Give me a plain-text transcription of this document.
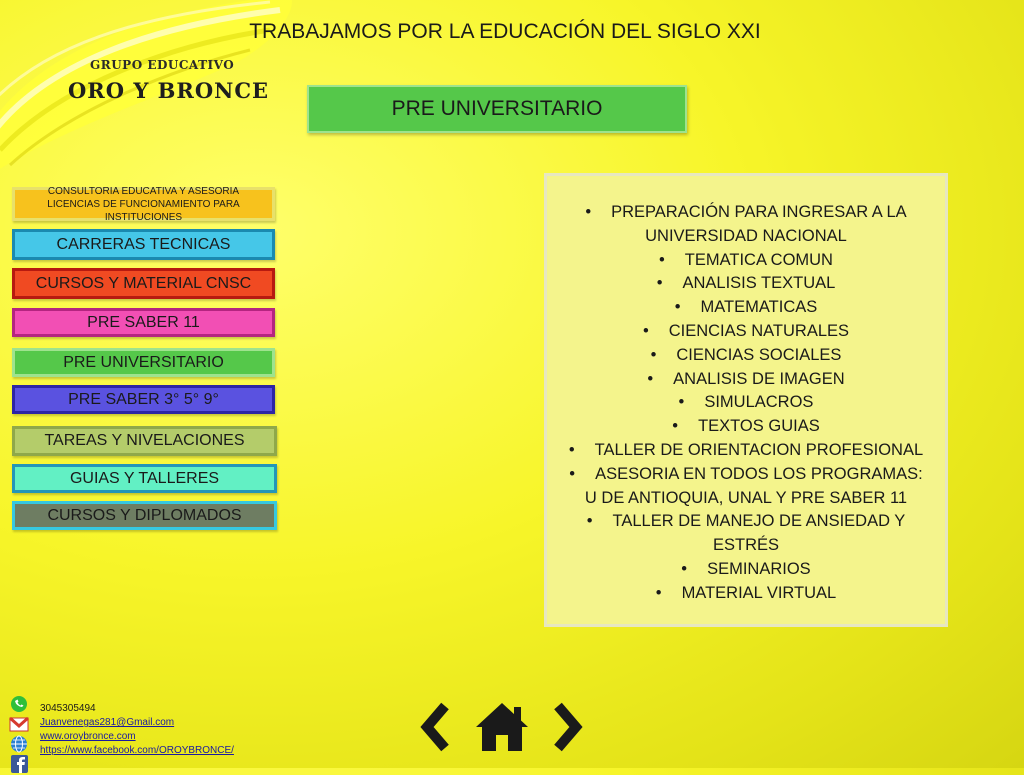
GRUPO EDUCATIVO
ORO Y BRONCE
TRABAJAMOS POR LA EDUCACIÓN DEL SIGLO XXI
PRE UNIVERSITARIO
CONSULTORIA EDUCATIVA Y ASESORIA LICENCIAS DE FUNCIONAMIENTO PARA INSTITUCIONES
CARRERAS TECNICAS
CURSOS Y MATERIAL CNSC
PRE SABER 11
PRE UNIVERSITARIO
PRE SABER 3° 5° 9°
TAREAS Y NIVELACIONES
GUIAS Y TALLERES
CURSOS Y DIPLOMADOS
• PREPARACIÓN PARA INGRESAR A LA UNIVERSIDAD NACIONAL
• TEMATICA COMUN
• ANALISIS TEXTUAL
• MATEMATICAS
• CIENCIAS NATURALES
• CIENCIAS SOCIALES
• ANALISIS DE IMAGEN
• SIMULACROS
• TEXTOS GUIAS
• TALLER DE ORIENTACION PROFESIONAL
• ASESORIA EN TODOS LOS PROGRAMAS: U DE ANTIOQUIA, UNAL Y PRE SABER 11
• TALLER DE MANEJO DE ANSIEDAD Y ESTRÉS
• SEMINARIOS
• MATERIAL VIRTUAL
3045305494
Juanvenegas281@Gmail.com
www.oroybronce.com
https://www.facebook.com/OROYBRONCE/
